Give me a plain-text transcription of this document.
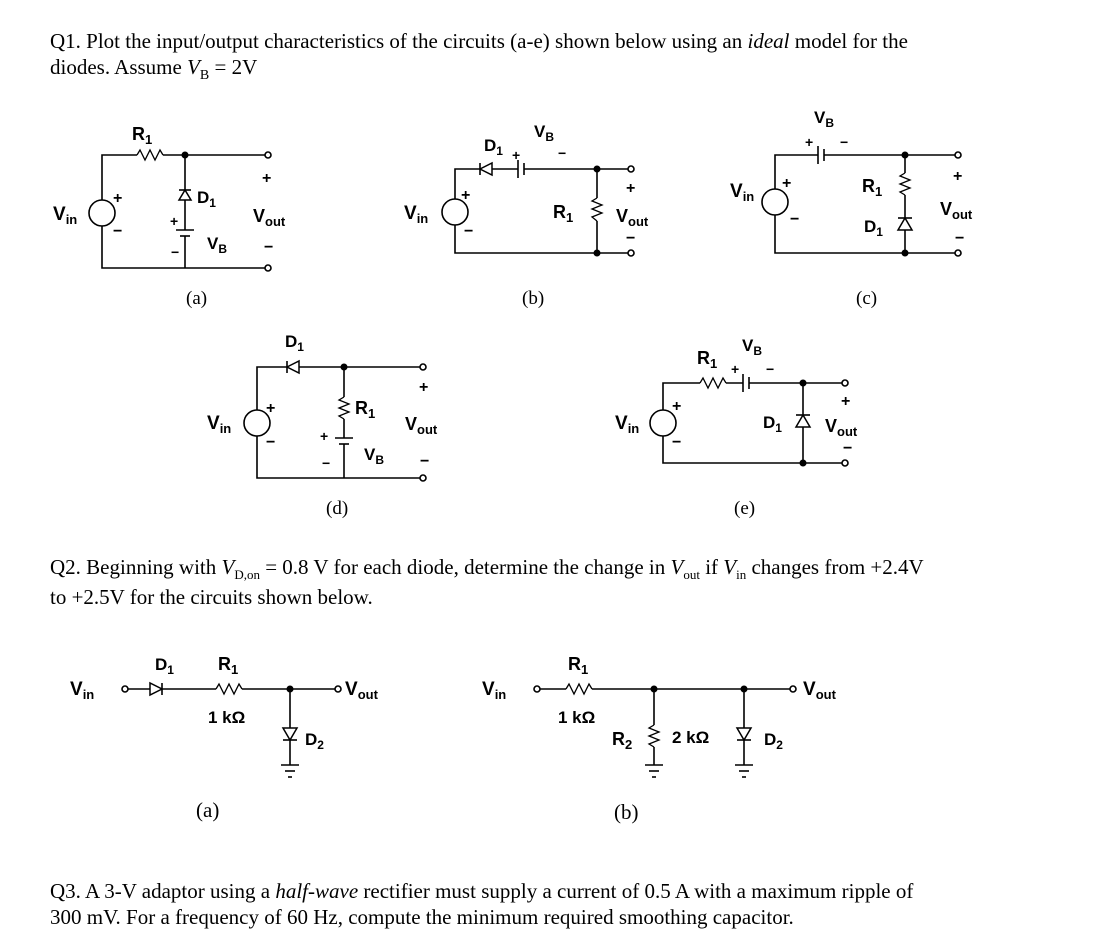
Q1. Plot the input/output characteristics of the circuits (a-e) shown below using an ideal model for the

diodes. Assume $V_B = 2V$

(a)	(b)	(c)
(d)	(e)

Q2. Beginning with $V_{D,on} = 0.8$ V for each diode, determine the change in $V_{out}$ if $V_{in}$ changes from +2.4V

to +2.5V for the circuits shown below.

(a)	(b)

Q3. A 3-V adaptor using a half-wave rectifier must supply a current of 0.5 A with a maximum ripple of

300 mV. For a frequency of 60 Hz, compute the minimum required smoothing capacitor.

$V_{in}$
+
−
$R_1$
$D_1$
+
− $V_B$
+
$V_{out}$
−
$V_{in}$
+
−
$D_1$ +	−
$V_B$
$R_1$
+
$V_{out}$
−
$V_{in}$
+
−
+ −
$V_B$
$R_1$
$D_1$
+
$V_{out}$
−
$V_{in}$
+
−
$D_1$
$R_1$
+
− $V_B$
+
$V_{out}$
−
$V_{in}$
+
−
$R_1$ + −
$V_B$
$D_1$
+
$V_{out}$
−
$V_{in}$
$D_1$ $R_1$
1 kΩ
$V_{out}$
$D_2$
$V_{in}$
$R_1$
1 kΩ
$V_{out}$
$R_2$ 2 kΩ	$D_2$
